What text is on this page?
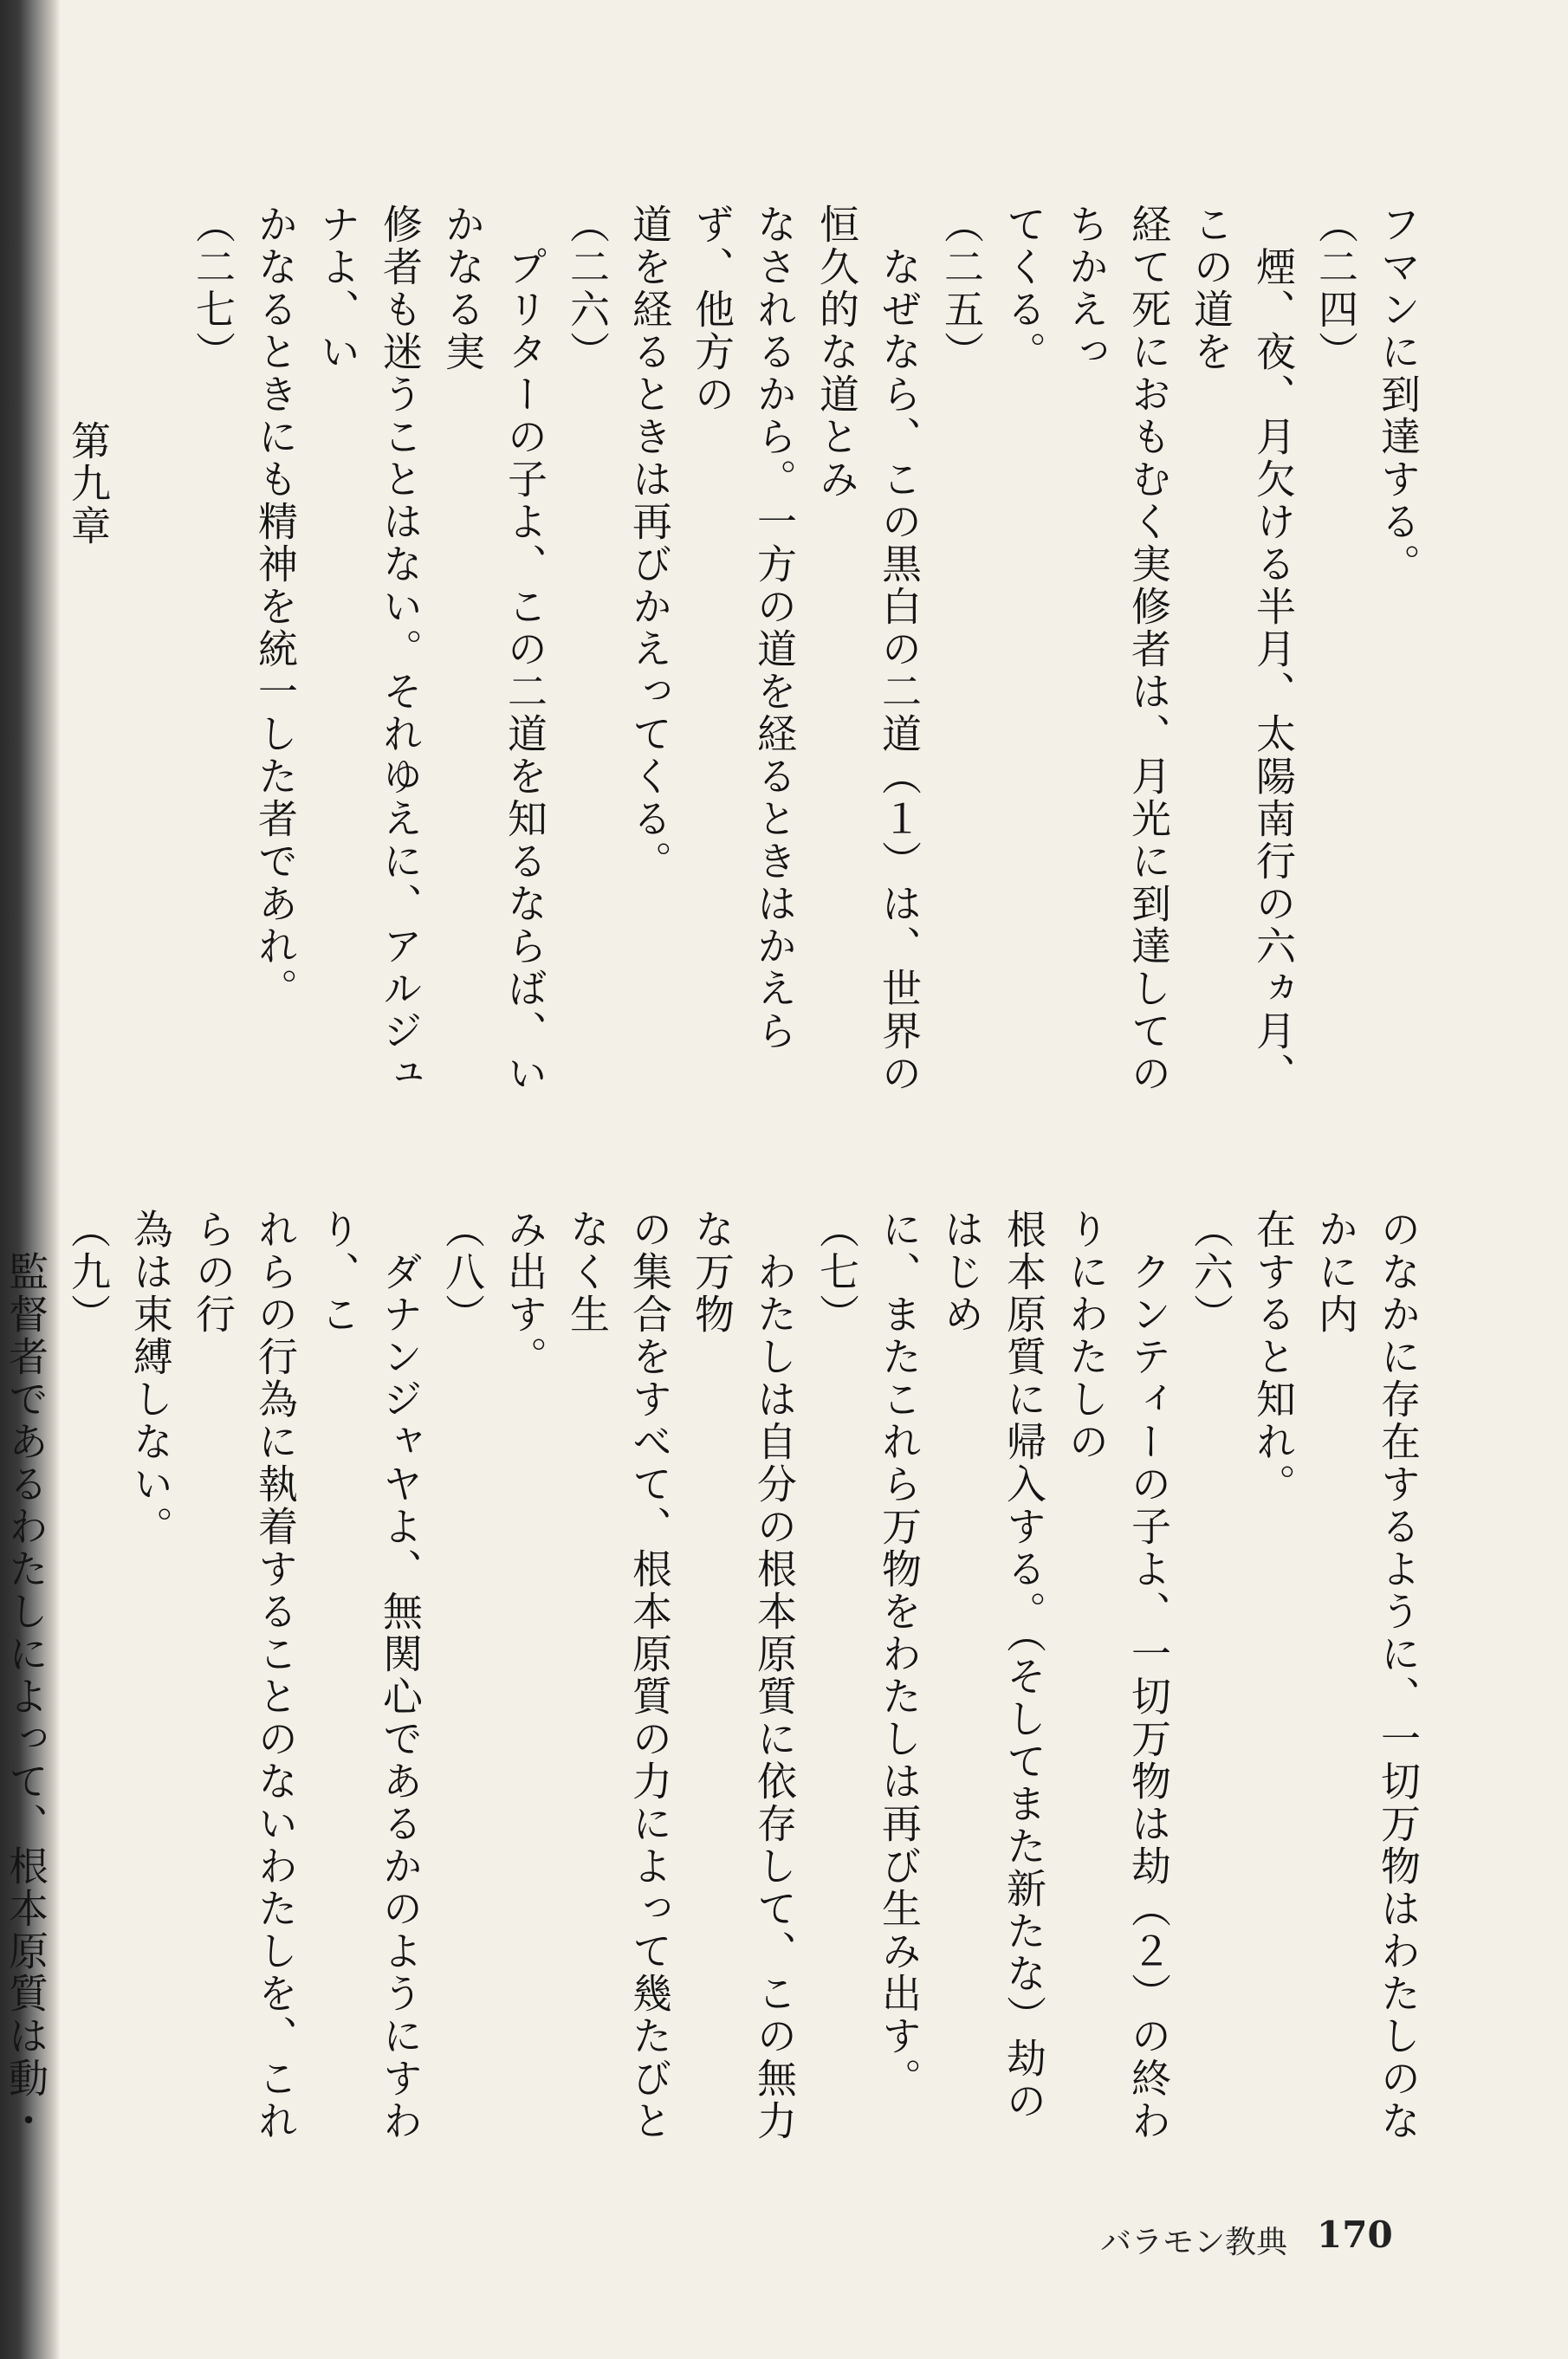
フマンに到達する。　　　　　　　　　　　　（二四）
　煙、夜、月欠ける半月、太陽南行の六ヵ月、この道を
経て死におもむく実修者は、月光に到達してのちかえっ
てくる。　　　　　　　　　　　　　　　　　（二五）
　なぜなら、この黒白の二道（１）は、世界の恒久的な道とみ
なされるから。一方の道を経るときはかえらず、他方の
道を経るときは再びかえってくる。　　　　　（二六）
　プリターの子よ、この二道を知るならば、いかなる実
修者も迷うことはない。それゆえに、アルジュナよ、い
かなるときにも精神を統一した者であれ。　　（二七）

第九章

のなかに存在するように、一切万物はわたしのなかに内
在すると知れ。　　　　　　　　　　　　　　　（六）
　クンティーの子よ、一切万物は劫（２）の終わりにわたしの
根本原質に帰入する。（そしてまた新たな）劫のはじめ
に、またこれら万物をわたしは再び生み出す。　（七）
　わたしは自分の根本原質に依存して、この無力な万物
の集合をすべて、根本原質の力によって幾たびとなく生
み出す。　　　　　　　　　　　　　　　　　　（八）
　ダナンジャヤよ、無関心であるかのようにすわり、こ
れらの行為に執着することのないわたしを、これらの行
為は束縛しない。　　　　　　　　　　　　　　（九）
　監督者であるわたしによって、根本原質は動・
バラモン教典 170
